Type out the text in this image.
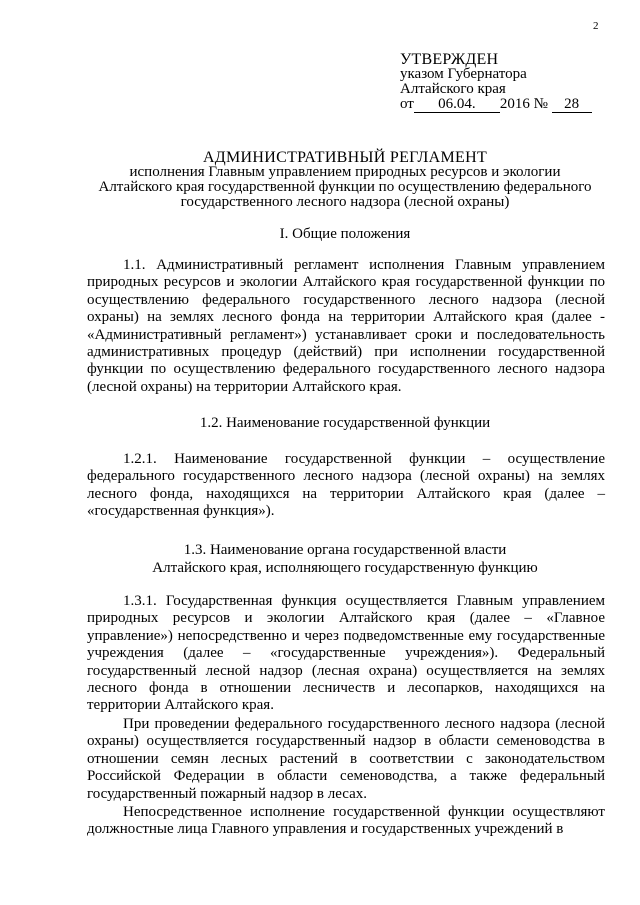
2
УТВЕРЖДЕН
указом Губернатора
Алтайского края
от 06.04. 2016 № 28
АДМИНИСТРАТИВНЫЙ РЕГЛАМЕНТ
исполнения Главным управлением природных ресурсов и экологии
Алтайского края государственной функции по осуществлению федерального
государственного лесного надзора (лесной охраны)
I. Общие положения

1.1. Административный регламент исполнения Главным управлением природных ресурсов и экологии Алтайского края государственной функции по осуществлению федерального государственного лесного надзора (лесной охраны) на землях лесного фонда на территории Алтайского края (далее - «Административный регламент») устанавливает сроки и последовательность административных процедур (действий) при исполнении государственной функции по осуществлению федерального государственного лесного надзора (лесной охраны) на территории Алтайского края.

1.2. Наименование государственной функции

1.2.1. Наименование государственной функции – осуществление федерального государственного лесного надзора (лесной охраны) на землях лесного фонда, находящихся на территории Алтайского края (далее – «государственная функция»).

1.3. Наименование органа государственной власти
Алтайского края, исполняющего государственную функцию

1.3.1. Государственная функция осуществляется Главным управлением природных ресурсов и экологии Алтайского края (далее – «Главное управление») непосредственно и через подведомственные ему государственные учреждения (далее – «государственные учреждения»). Федеральный государственный лесной надзор (лесная охрана) осуществляется на землях лесного фонда в отношении лесничеств и лесопарков, находящихся на территории Алтайского края.

При проведении федерального государственного лесного надзора (лесной охраны) осуществляется государственный надзор в области семеноводства в отношении семян лесных растений в соответствии с законодательством Российской Федерации в области семеноводства, а также федеральный государственный пожарный надзор в лесах.

Непосредственное исполнение государственной функции осуществляют должностные лица Главного управления и государственных учреждений в
